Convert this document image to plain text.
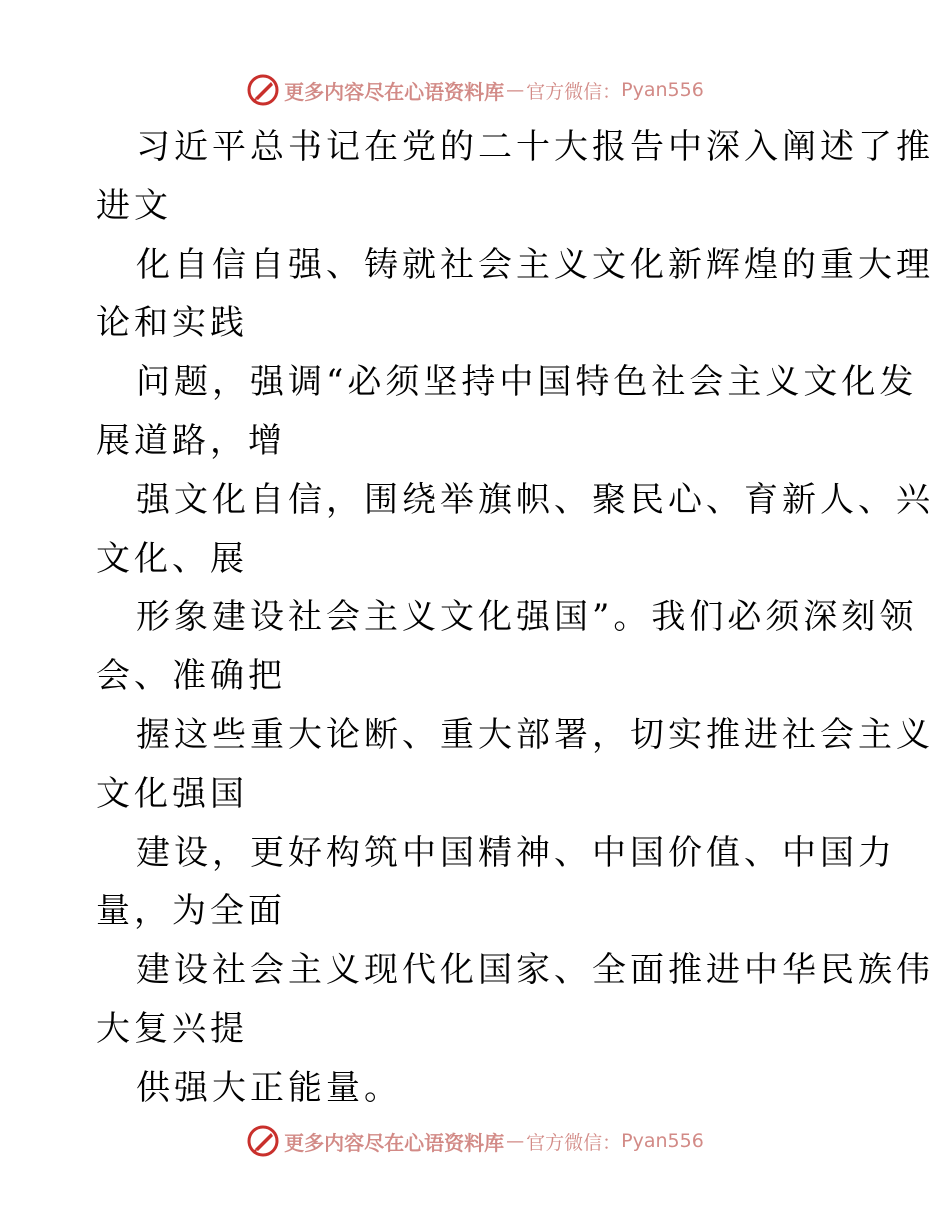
更多内容尽在心语资料库 — 官方微信： Pyan556
习近平总书记在党的二十大报告中深入阐述了推
进文
化自信自强、铸就社会主义文化新辉煌的重大理
论和实践
问题，强调“必须坚持中国特色社会主义文化发
展道路，增
强文化自信，围绕举旗帜、聚民心、育新人、兴
文化、展
形象建设社会主义文化强国”。我们必须深刻领
会、准确把
握这些重大论断、重大部署，切实推进社会主义
文化强国
建设，更好构筑中国精神、中国价值、中国力
量，为全面
建设社会主义现代化国家、全面推进中华民族伟
大复兴提
供强大正能量。
更多内容尽在心语资料库 — 官方微信： Pyan556
